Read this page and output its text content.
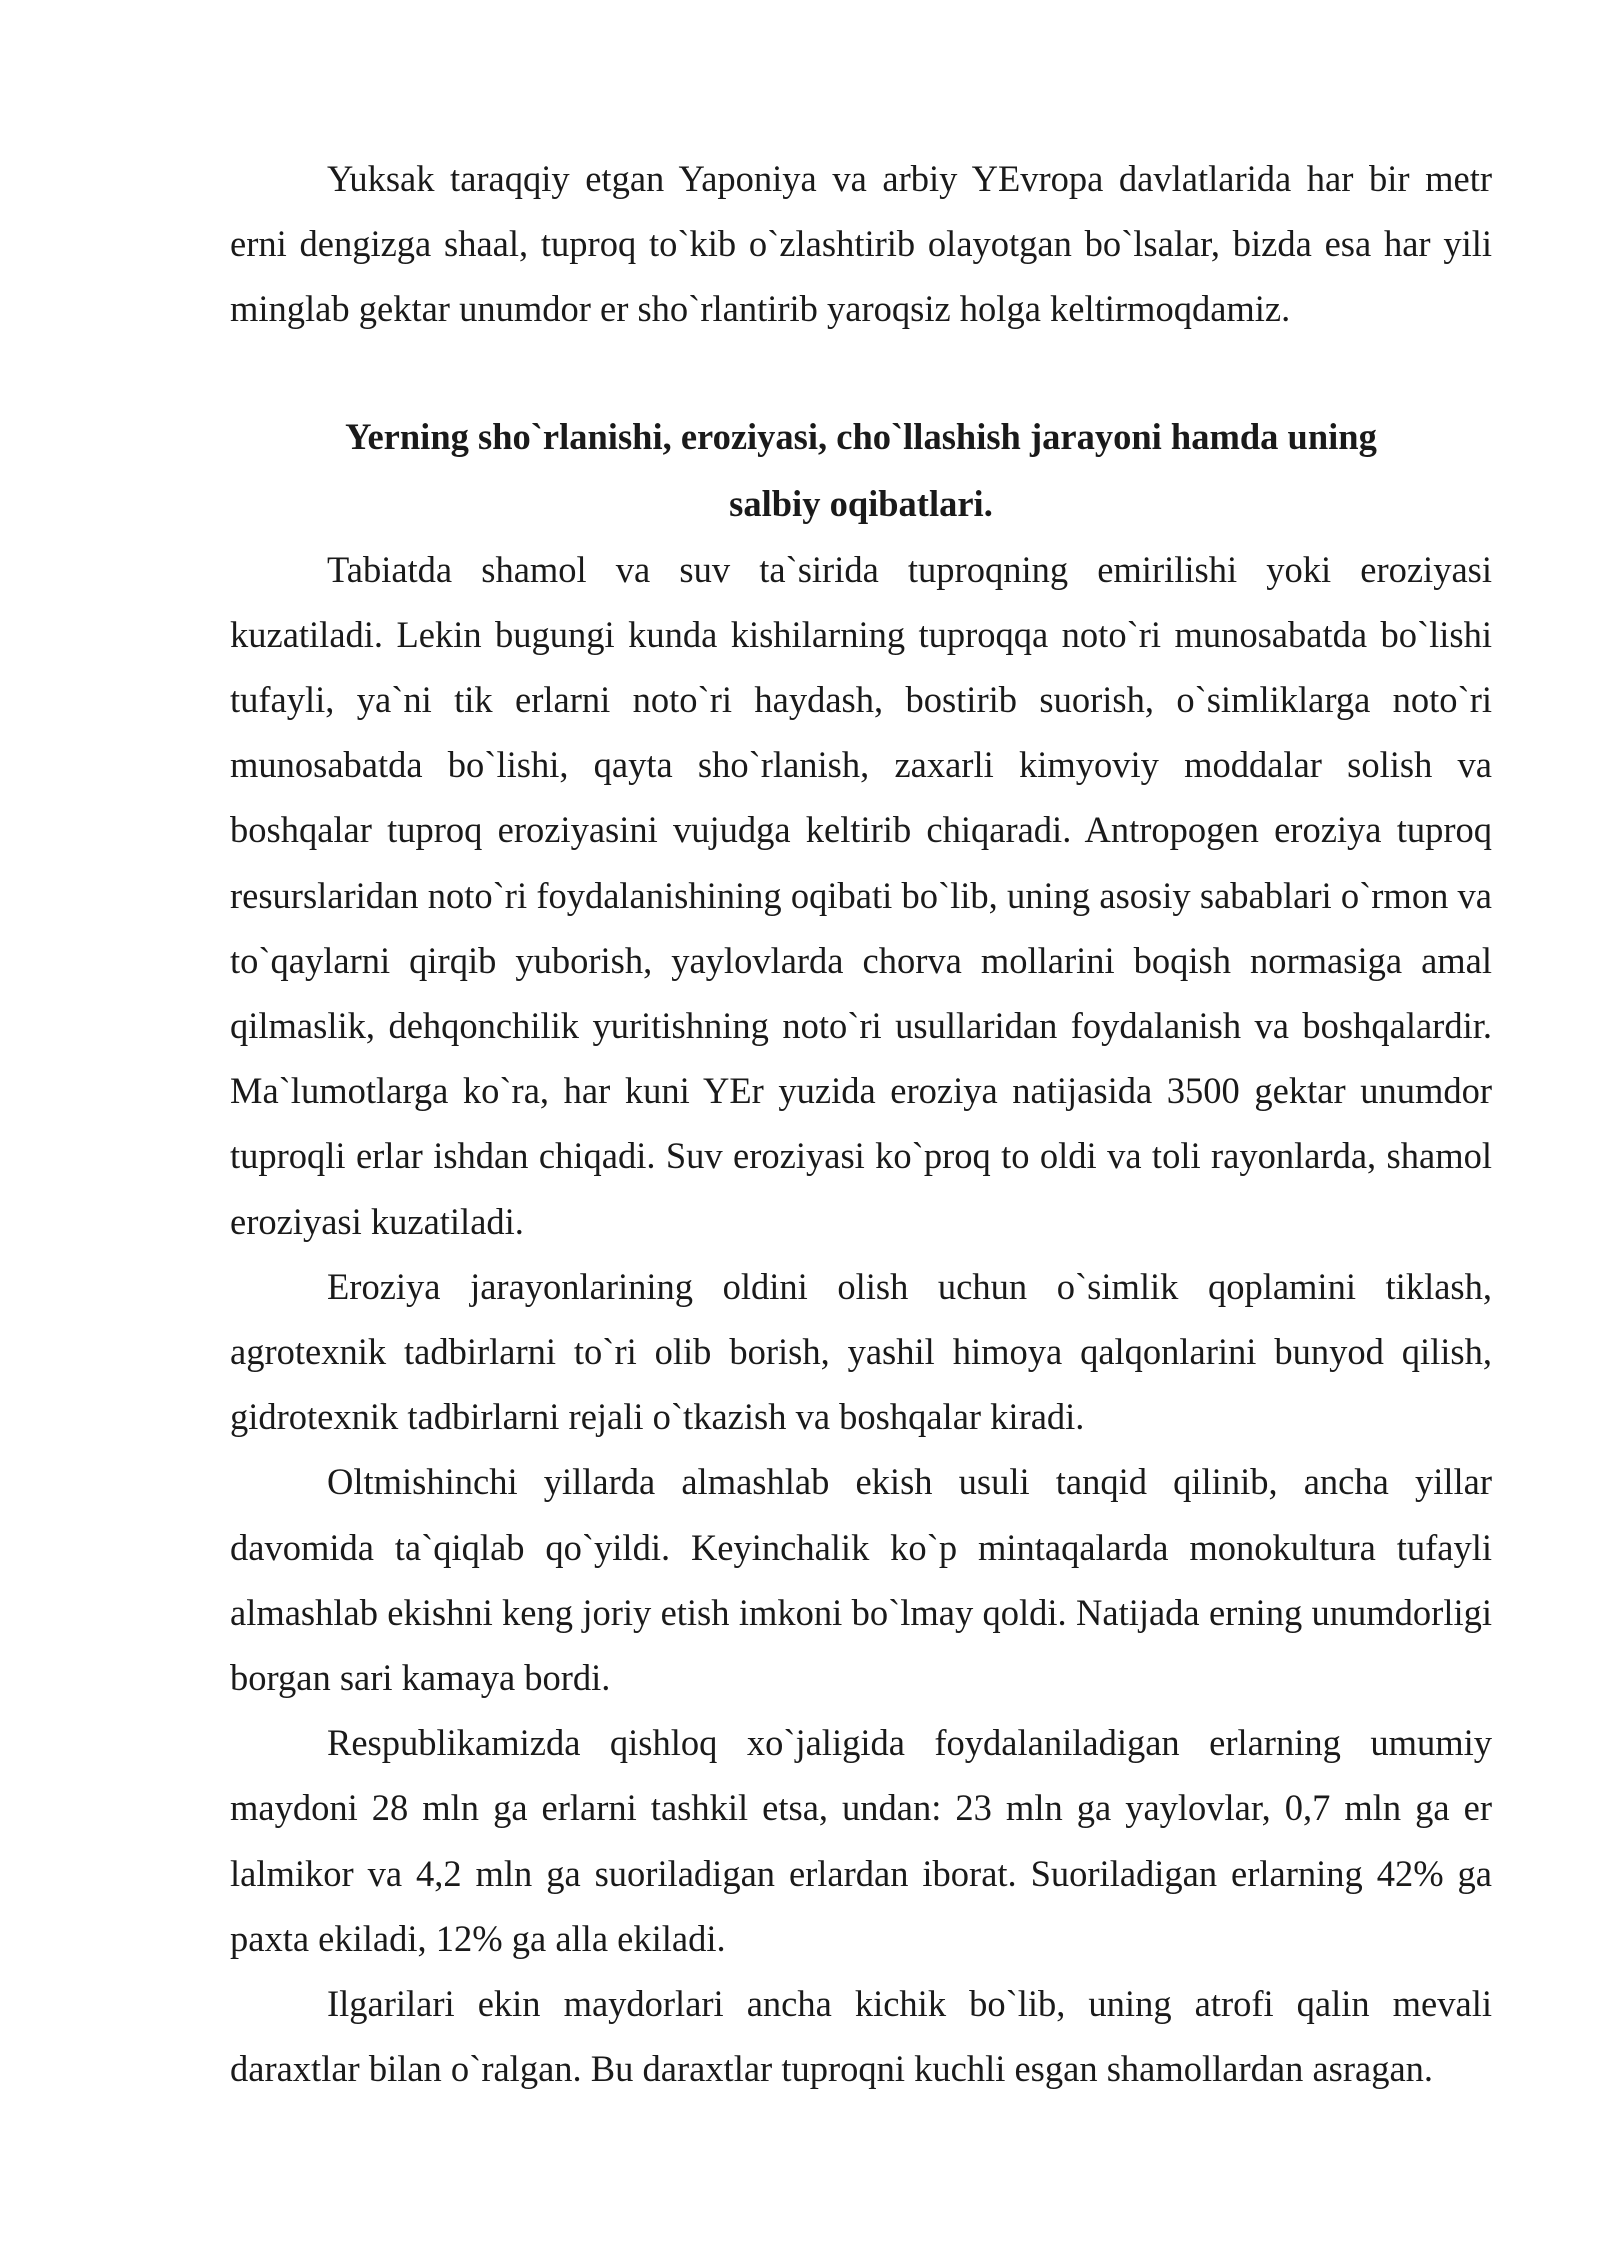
Yuksak taraqqiy etgan Yaponiya va arbiy YEvropa davlatlarida har bir metr erni dengizga shaal, tuproq to`kib o`zlashtirib olayotgan bo`lsalar, bizda esa har yili minglab gektar unumdor er sho`rlantirib yaroqsiz holga keltirmoqdamiz.

Yerning sho`rlanishi, eroziyasi, cho`llashish jarayoni hamda uning

salbiy oqibatlari.

Tabiatda shamol va suv ta`sirida tuproqning emirilishi yoki eroziyasi kuzatiladi. Lekin bugungi kunda kishilarning tuproqqa noto`ri munosabatda bo`lishi tufayli, ya`ni tik erlarni noto`ri haydash, bostirib suorish, o`simliklarga noto`ri munosabatda bo`lishi, qayta sho`rlanish, zaxarli kimyoviy moddalar solish va boshqalar tuproq eroziyasini vujudga keltirib chiqaradi. Antropogen eroziya tuproq resurslaridan noto`ri foydalanishining oqibati bo`lib, uning asosiy sabablari o`rmon va to`qaylarni qirqib yuborish, yaylovlarda chorva mollarini boqish normasiga amal qilmaslik, dehqonchilik yuritishning noto`ri usullaridan foydalanish va boshqalardir. Ma`lumotlarga ko`ra, har kuni YEr yuzida eroziya natijasida 3500 gektar unumdor tuproqli erlar ishdan chiqadi. Suv eroziyasi ko`proq to oldi va toli rayonlarda, shamol eroziyasi kuzatiladi.

Eroziya jarayonlarining oldini olish uchun o`simlik qoplamini tiklash, agrotexnik tadbirlarni to`ri olib borish, yashil himoya qalqonlarini bunyod qilish, gidrotexnik tadbirlarni rejali o`tkazish va boshqalar kiradi.

Oltmishinchi yillarda almashlab ekish usuli tanqid qilinib, ancha yillar davomida ta`qiqlab qo`yildi. Keyinchalik ko`p mintaqalarda monokultura tufayli almashlab ekishni keng joriy etish imkoni bo`lmay qoldi. Natijada erning unumdorligi borgan sari kamaya bordi.

Respublikamizda qishloq xo`jaligida foydalaniladigan erlarning umumiy maydoni 28 mln ga erlarni tashkil etsa, undan: 23 mln ga yaylovlar, 0,7 mln ga er lalmikor va 4,2 mln ga suoriladigan erlardan iborat. Suoriladigan erlarning 42% ga paxta ekiladi, 12% ga alla ekiladi.

Ilgarilari ekin maydorlari ancha kichik bo`lib, uning atrofi qalin mevali daraxtlar bilan o`ralgan. Bu daraxtlar tuproqni kuchli esgan shamollardan asragan.
